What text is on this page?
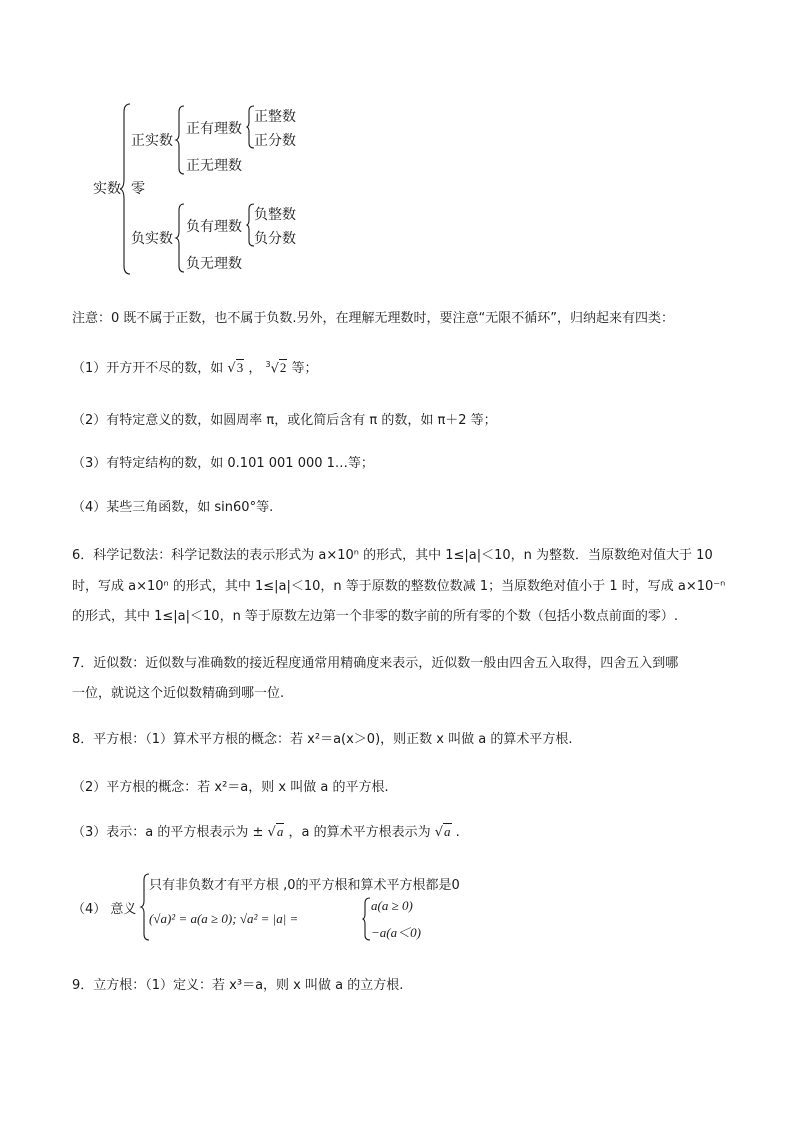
实数
正实数
正有理数
正整数
正分数
正无理数
零
负实数
负有理数
负整数
负分数
负无理数
注意：0 既不属于正数，也不属于负数.另外，在理解无理数时，要注意“无限不循环”，归纳起来有四类：
（1）开方开不尽的数，如 √3 ， $^3$√2 等；
（2）有特定意义的数，如圆周率 π，或化简后含有 π 的数，如 π＋2 等；
（3）有特定结构的数，如 0.101 001 000 1…等；
（4）某些三角函数，如 sin60°等.
6．科学记数法：科学记数法的表示形式为 a×10ⁿ 的形式，其中 1≤|a|＜10，n 为整数．当原数绝对值大于 10
时，写成 a×10ⁿ 的形式，其中 1≤|a|＜10，n 等于原数的整数位数减 1；当原数绝对值小于 1 时，写成 a×10⁻ⁿ
的形式，其中 1≤|a|＜10，n 等于原数左边第一个非零的数字前的所有零的个数（包括小数点前面的零）.
7．近似数：近似数与准确数的接近程度通常用精确度来表示，近似数一般由四舍五入取得，四舍五入到哪
一位，就说这个近似数精确到哪一位.
8．平方根：（1）算术平方根的概念：若 x²＝a(x＞0)，则正数 x 叫做 a 的算术平方根.
（2）平方根的概念：若 x²＝a，则 x 叫做 a 的平方根.
（3）表示：a 的平方根表示为 ± √a ，a 的算术平方根表示为 √a .
（4） 意义
只有非负数才有平方根 ,0的平方根和算术平方根都是0
(√a)² = a(a ≥ 0); √a² = |a| =
a(a ≥ 0)
−a(a＜0)
9．立方根：（1）定义：若 x³＝a，则 x 叫做 a 的立方根.
